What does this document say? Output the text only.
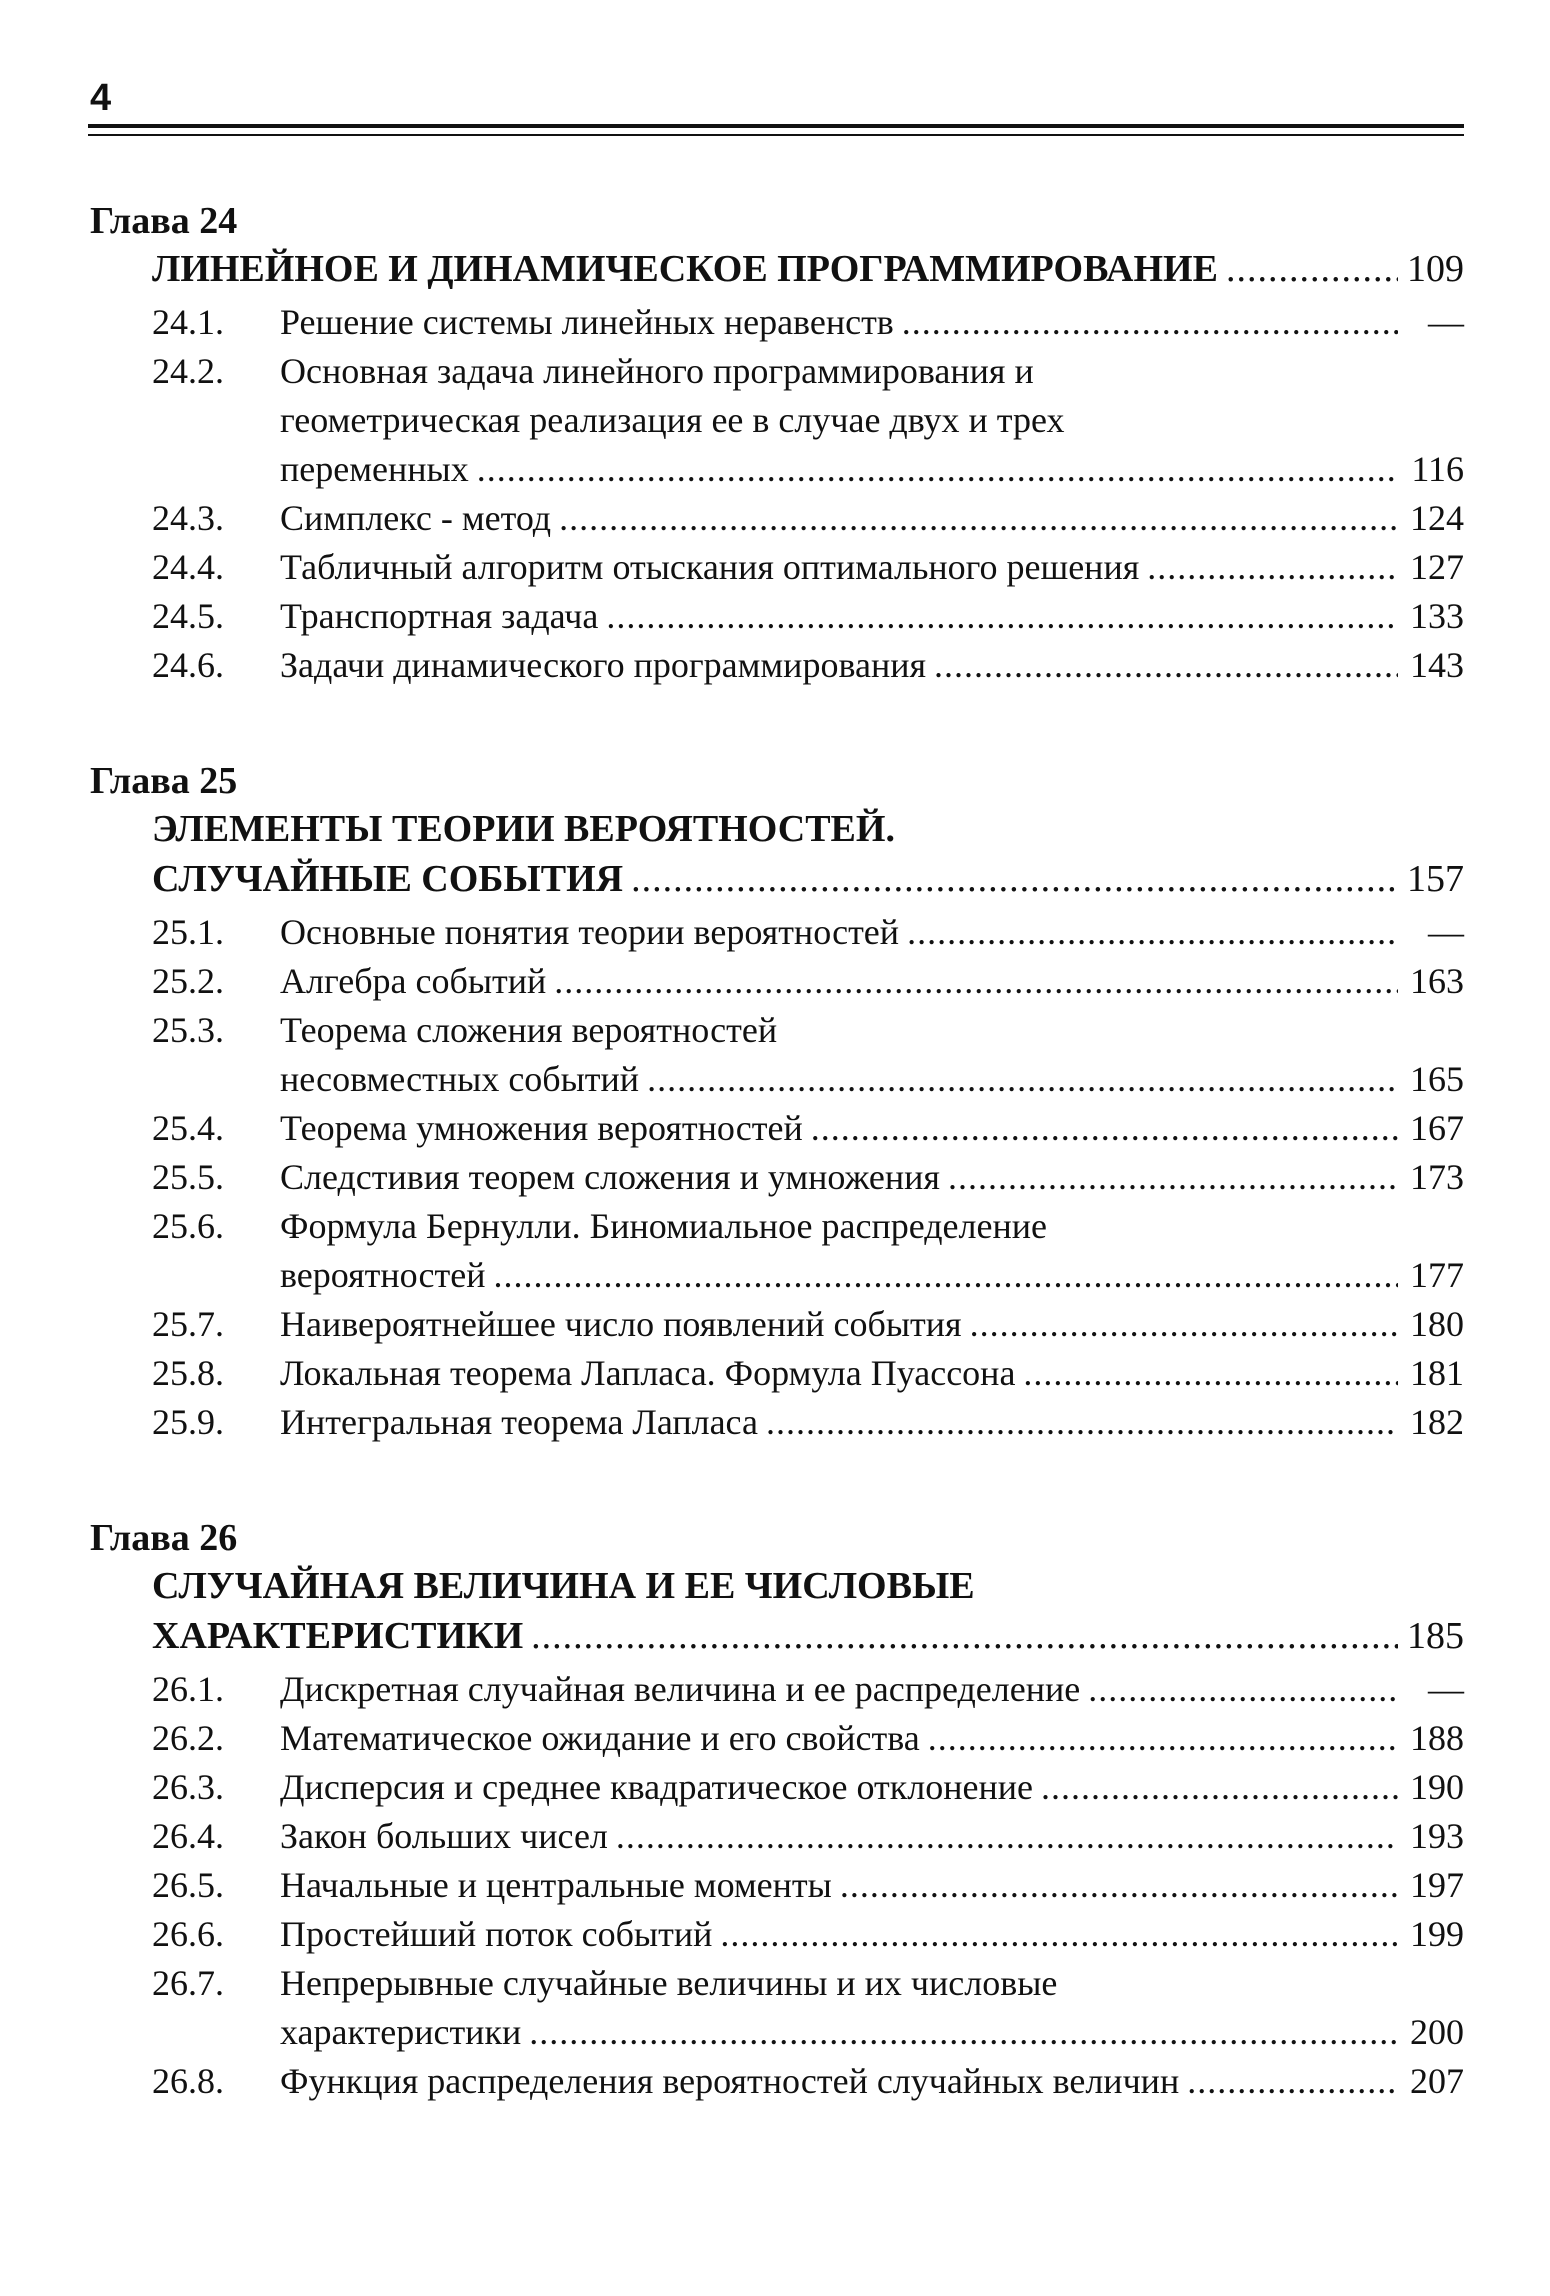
4
Глава 24
ЛИНЕЙНОЕ И ДИНАМИЧЕСКОЕ ПРОГРАММИРОВАНИЕ .....	109
24.1.	Решение системы линейных неравенств .....	—
24.2.	Основная задача линейного программирования и
геометрическая реализация ее в случае двух и трех
переменных .....	116
24.3.	Симплекс - метод .....	124
24.4.	Табличный алгоритм отыскания оптимального решения .....	127
24.5.	Транспортная задача .....	133
24.6.	Задачи динамического программирования .....	143
Глава 25
ЭЛЕМЕНТЫ ТЕОРИИ ВЕРОЯТНОСТЕЙ.
СЛУЧАЙНЫЕ СОБЫТИЯ .....	157
25.1.	Основные понятия теории вероятностей .....	—
25.2.	Алгебра событий .....	163
25.3.	Теорема сложения вероятностей
несовместных событий .....	165
25.4.	Теорема умножения вероятностей .....	167
25.5.	Следстивия теорем сложения и умножения .....	173
25.6.	Формула Бернулли. Биномиальное распределение
вероятностей .....	177
25.7.	Наивероятнейшее число появлений события .....	180
25.8.	Локальная теорема Лапласа. Формула Пуассона .....	181
25.9.	Интегральная теорема Лапласа .....	182
Глава 26
СЛУЧАЙНАЯ ВЕЛИЧИНА И ЕЕ ЧИСЛОВЫЕ
ХАРАКТЕРИСТИКИ .....	185
26.1.	Дискретная случайная величина и ее распределение .....	—
26.2.	Математическое ожидание и его свойства .....	188
26.3.	Дисперсия и среднее квадратическое отклонение .....	190
26.4.	Закон больших чисел .....	193
26.5.	Начальные и центральные моменты .....	197
26.6.	Простейший поток событий .....	199
26.7.	Непрерывные случайные величины и их числовые
характеристики .....	200
26.8.	Функция распределения вероятностей случайных величин .....	207
